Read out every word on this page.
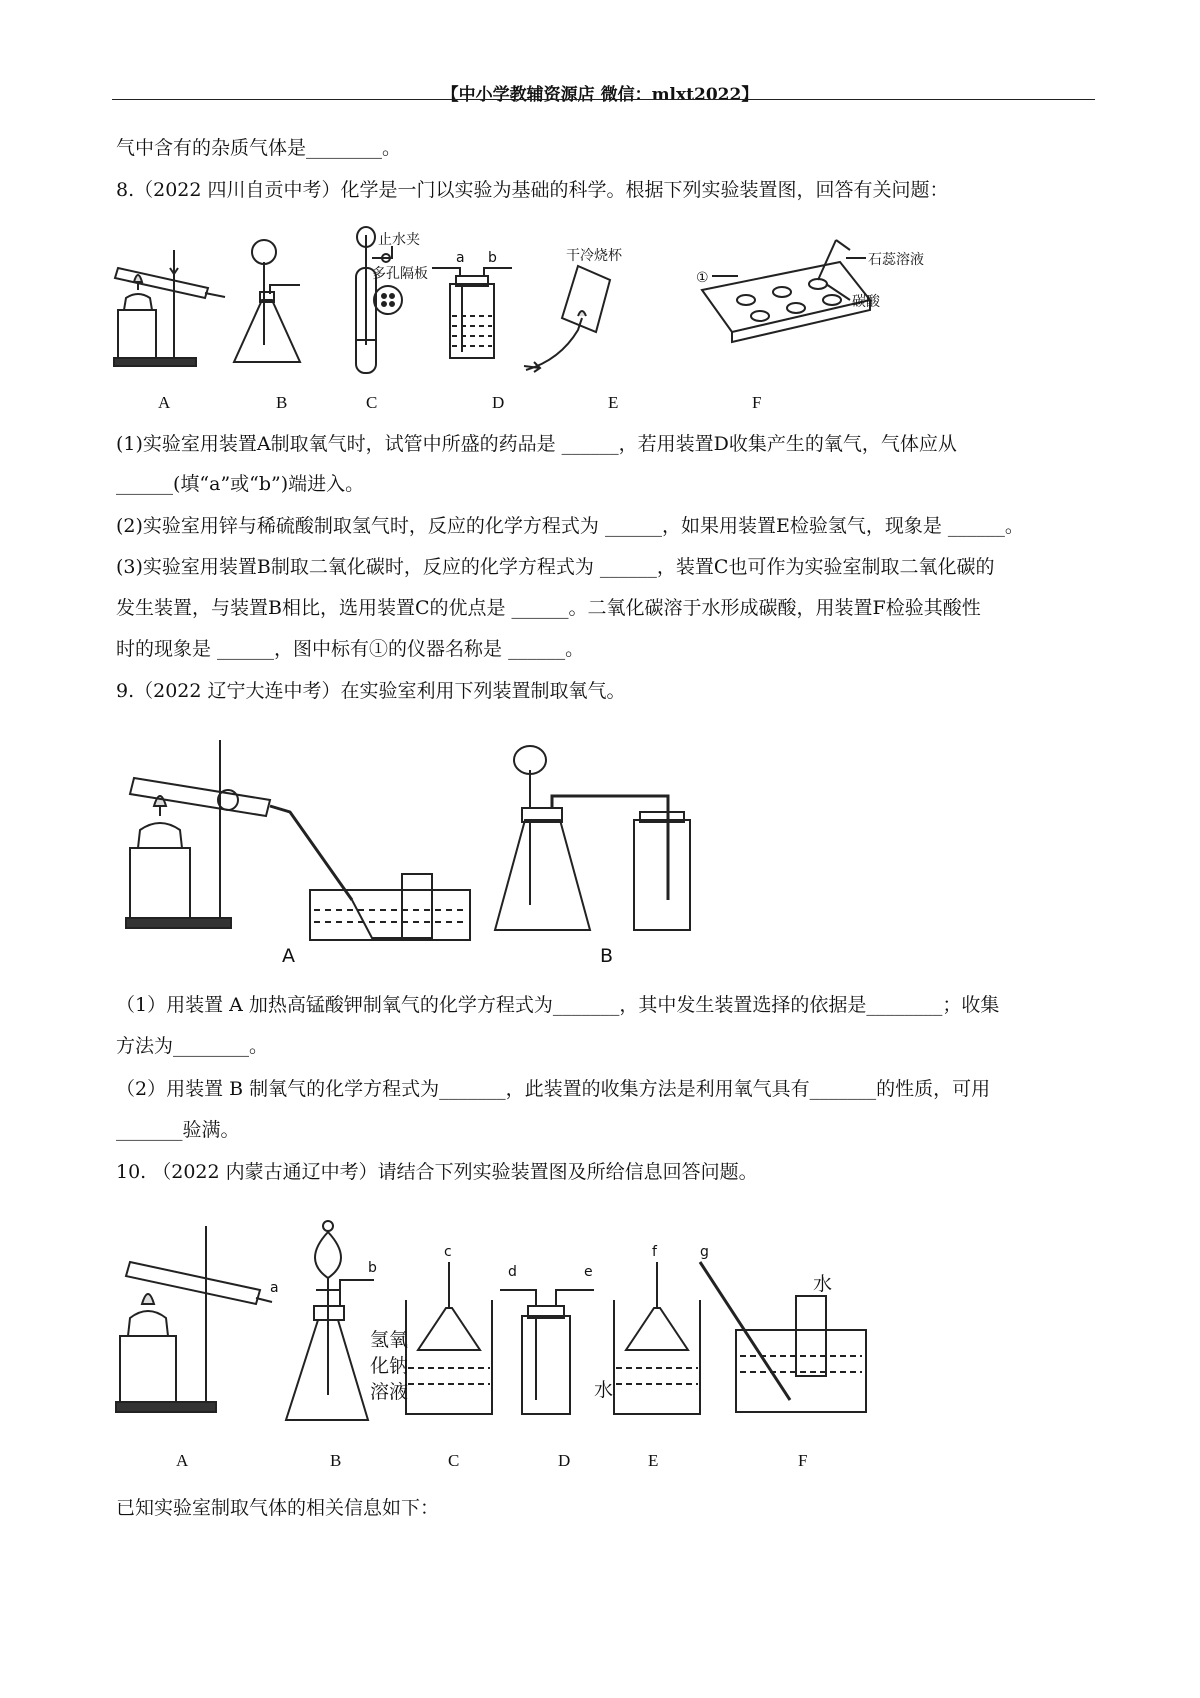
【中小学教辅资源店 微信：mlxt2022】
气中含有的杂质气体是________。
8.（2022 四川自贡中考）化学是一门以实验为基础的科学。根据下列实验装置图，回答有关问题：
止水夹
多孔隔板
a b	干冷烧杯	石蕊溶液
碳酸
①
A	B	C	D	E	F
(1)实验室用装置A制取氧气时，试管中所盛的药品是 ______，若用装置D收集产生的氧气，气体应从
______(填“a”或“b”)端进入。
(2)实验室用锌与稀硫酸制取氢气时，反应的化学方程式为 ______，如果用装置E检验氢气，现象是 ______。
(3)实验室用装置B制取二氧化碳时，反应的化学方程式为 ______，装置C也可作为实验室制取二氧化碳的
发生装置，与装置B相比，选用装置C的优点是 ______。二氧化碳溶于水形成碳酸，用装置F检验其酸性
时的现象是 ______，图中标有①的仪器名称是 ______。
9.（2022 辽宁大连中考）在实验室利用下列装置制取氧气。
A	B
（1）用装置 A 加热高锰酸钾制氧气的化学方程式为_______，其中发生装置选择的依据是________；收集
方法为________。
（2）用装置 B 制氧气的化学方程式为_______，此装置的收集方法是利用氧气具有_______的性质，可用
_______验满。
10. （2022 内蒙古通辽中考）请结合下列实验装置图及所给信息回答问题。
水
水
氢氧
化钠
溶液
a
b
c
d	e
f	g
A	B	C	D	E	F
已知实验室制取气体的相关信息如下：
